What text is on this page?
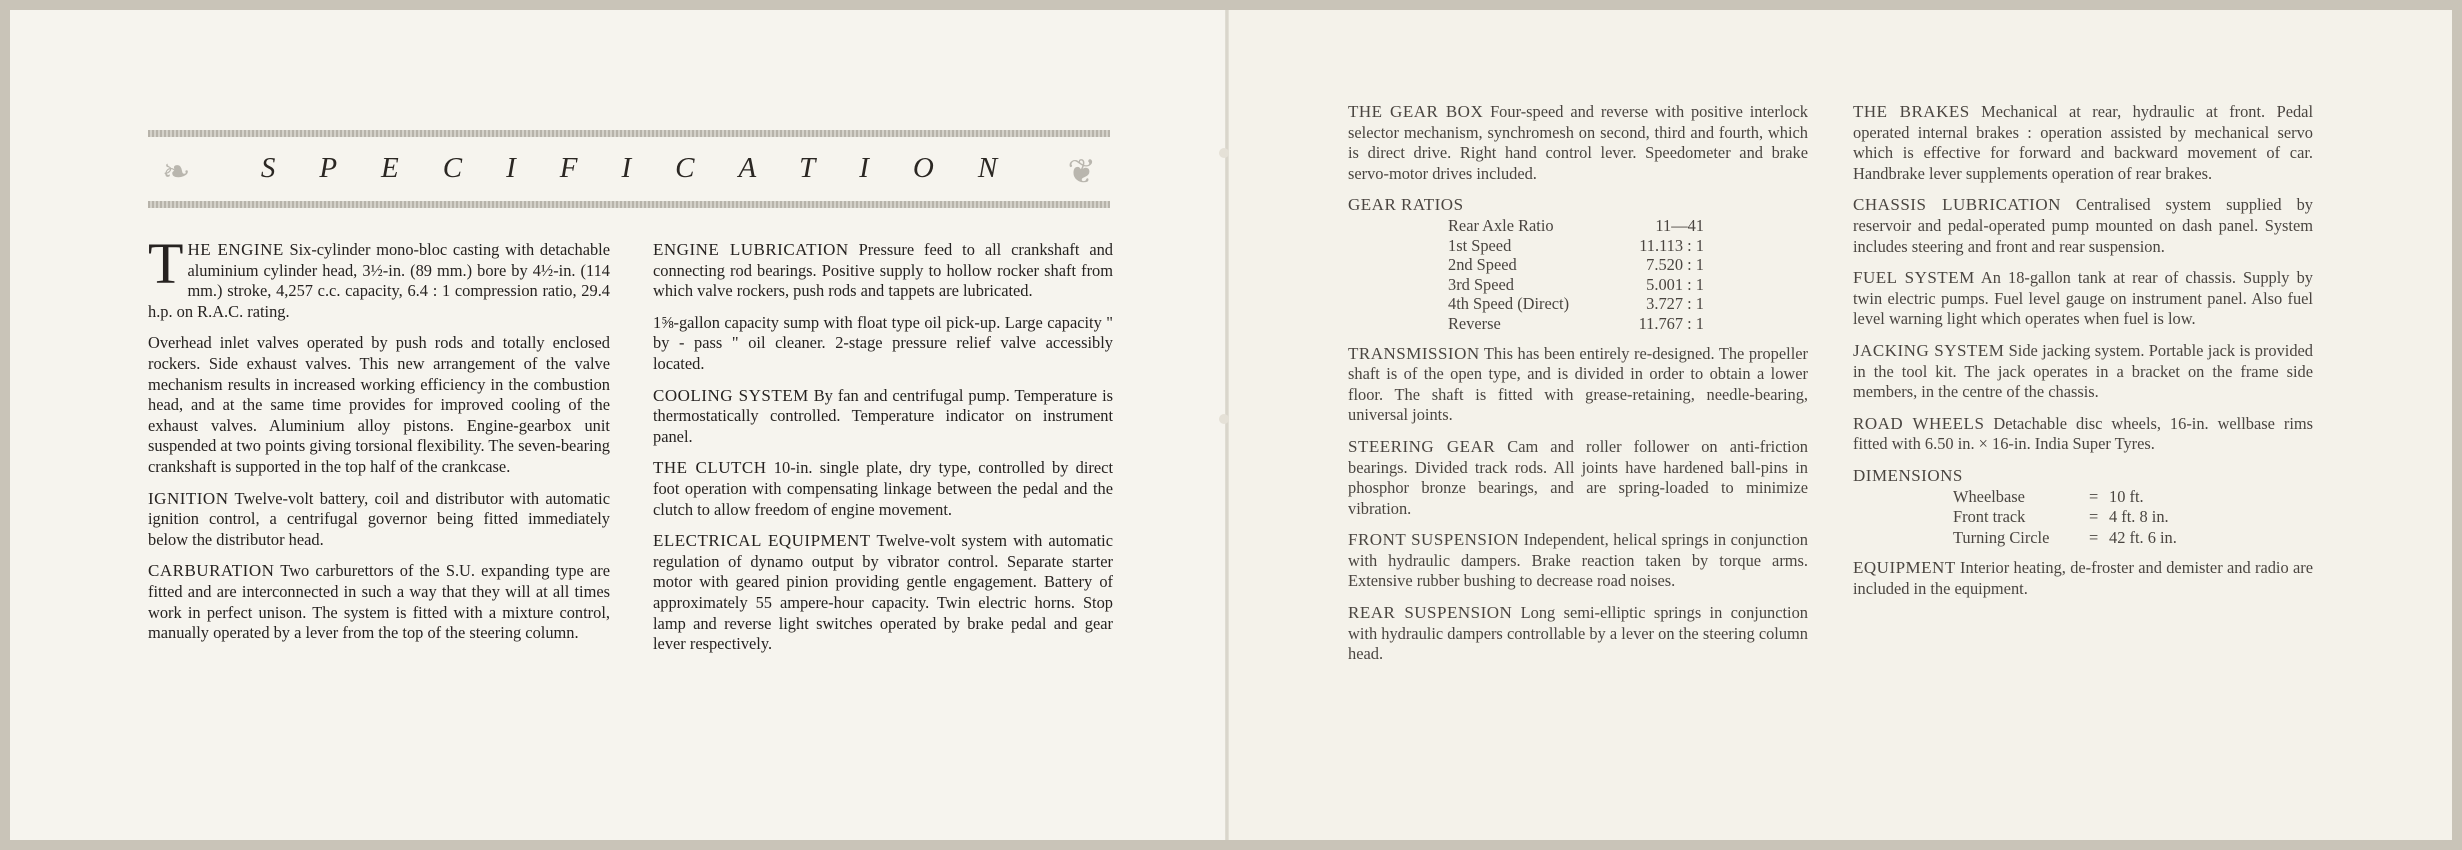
❧	SPECIFICATION ❦

THE ENGINE Six-cylinder mono-bloc casting with detachable aluminium cylinder head, 3½-in. (89 mm.) bore by 4½-in. (114 mm.) stroke, 4,257 c.c. capacity, 6.4 : 1 compression ratio, 29.4 h.p. on R.A.C. rating.

Overhead inlet valves operated by push rods and totally enclosed rockers. Side exhaust valves. This new arrangement of the valve mechanism results in increased working efficiency in the combustion head, and at the same time provides for improved cooling of the exhaust valves. Aluminium alloy pistons. Engine-gearbox unit suspended at two points giving torsional flexibility. The seven-bearing crankshaft is supported in the top half of the crankcase.

IGNITION Twelve-volt battery, coil and distributor with automatic ignition control, a centrifugal governor being fitted immediately below the distributor head.

CARBURATION Two carburettors of the S.U. expanding type are fitted and are interconnected in such a way that they will at all times work in perfect unison. The system is fitted with a mixture control, manually operated by a lever from the top of the steering column.

ENGINE LUBRICATION Pressure feed to all crankshaft and connecting rod bearings. Positive supply to hollow rocker shaft from which valve rockers, push rods and tappets are lubricated.

1⅝-gallon capacity sump with float type oil pick-up. Large capacity " by - pass " oil cleaner. 2-stage pressure relief valve accessibly located.

COOLING SYSTEM By fan and centrifugal pump. Temperature is thermostatically controlled. Temperature indicator on instrument panel.

THE CLUTCH 10-in. single plate, dry type, controlled by direct foot operation with compensating linkage between the pedal and the clutch to allow freedom of engine movement.

ELECTRICAL EQUIPMENT Twelve-volt system with automatic regulation of dynamo output by vibrator control. Separate starter motor with geared pinion providing gentle engagement. Battery of approximately 55 ampere-hour capacity. Twin electric horns. Stop lamp and reverse light switches operated by brake pedal and gear lever respectively.

THE GEAR BOX Four-speed and reverse with positive interlock selector mechanism, synchromesh on second, third and fourth, which is direct drive. Right hand control lever. Speedometer and brake servo-motor drives included.

GEAR RATIOS
Rear Axle Ratio	11—41
1st Speed	11.113 : 1
2nd Speed	7.520 : 1
3rd Speed	5.001 : 1
4th Speed (Direct)	3.727 : 1
Reverse	11.767 : 1

TRANSMISSION This has been entirely re-designed. The propeller shaft is of the open type, and is divided in order to obtain a lower floor. The shaft is fitted with grease-retaining, needle-bearing, universal joints.

STEERING GEAR Cam and roller follower on anti-friction bearings. Divided track rods. All joints have hardened ball-pins in phosphor bronze bearings, and are spring-loaded to minimize vibration.

FRONT SUSPENSION Independent, helical springs in conjunction with hydraulic dampers. Brake reaction taken by torque arms. Extensive rubber bushing to decrease road noises.

REAR SUSPENSION Long semi-elliptic springs in conjunction with hydraulic dampers controllable by a lever on the steering column head.

THE BRAKES Mechanical at rear, hydraulic at front. Pedal operated internal brakes : operation assisted by mechanical servo which is effective for forward and backward movement of car. Handbrake lever supplements operation of rear brakes.

CHASSIS LUBRICATION Centralised system supplied by reservoir and pedal-operated pump mounted on dash panel. System includes steering and front and rear suspension.

FUEL SYSTEM An 18-gallon tank at rear of chassis. Supply by twin electric pumps. Fuel level gauge on instrument panel. Also fuel level warning light which operates when fuel is low.

JACKING SYSTEM Side jacking system. Portable jack is provided in the tool kit. The jack operates in a bracket on the frame side members, in the centre of the chassis.

ROAD WHEELS Detachable disc wheels, 16-in. wellbase rims fitted with 6.50 in. × 16-in. India Super Tyres.

DIMENSIONS
Wheelbase	=	10 ft.
Front track	=	4 ft. 8 in.
Turning Circle	=	42 ft. 6 in.

EQUIPMENT Interior heating, de-froster and demister and radio are included in the equipment.
